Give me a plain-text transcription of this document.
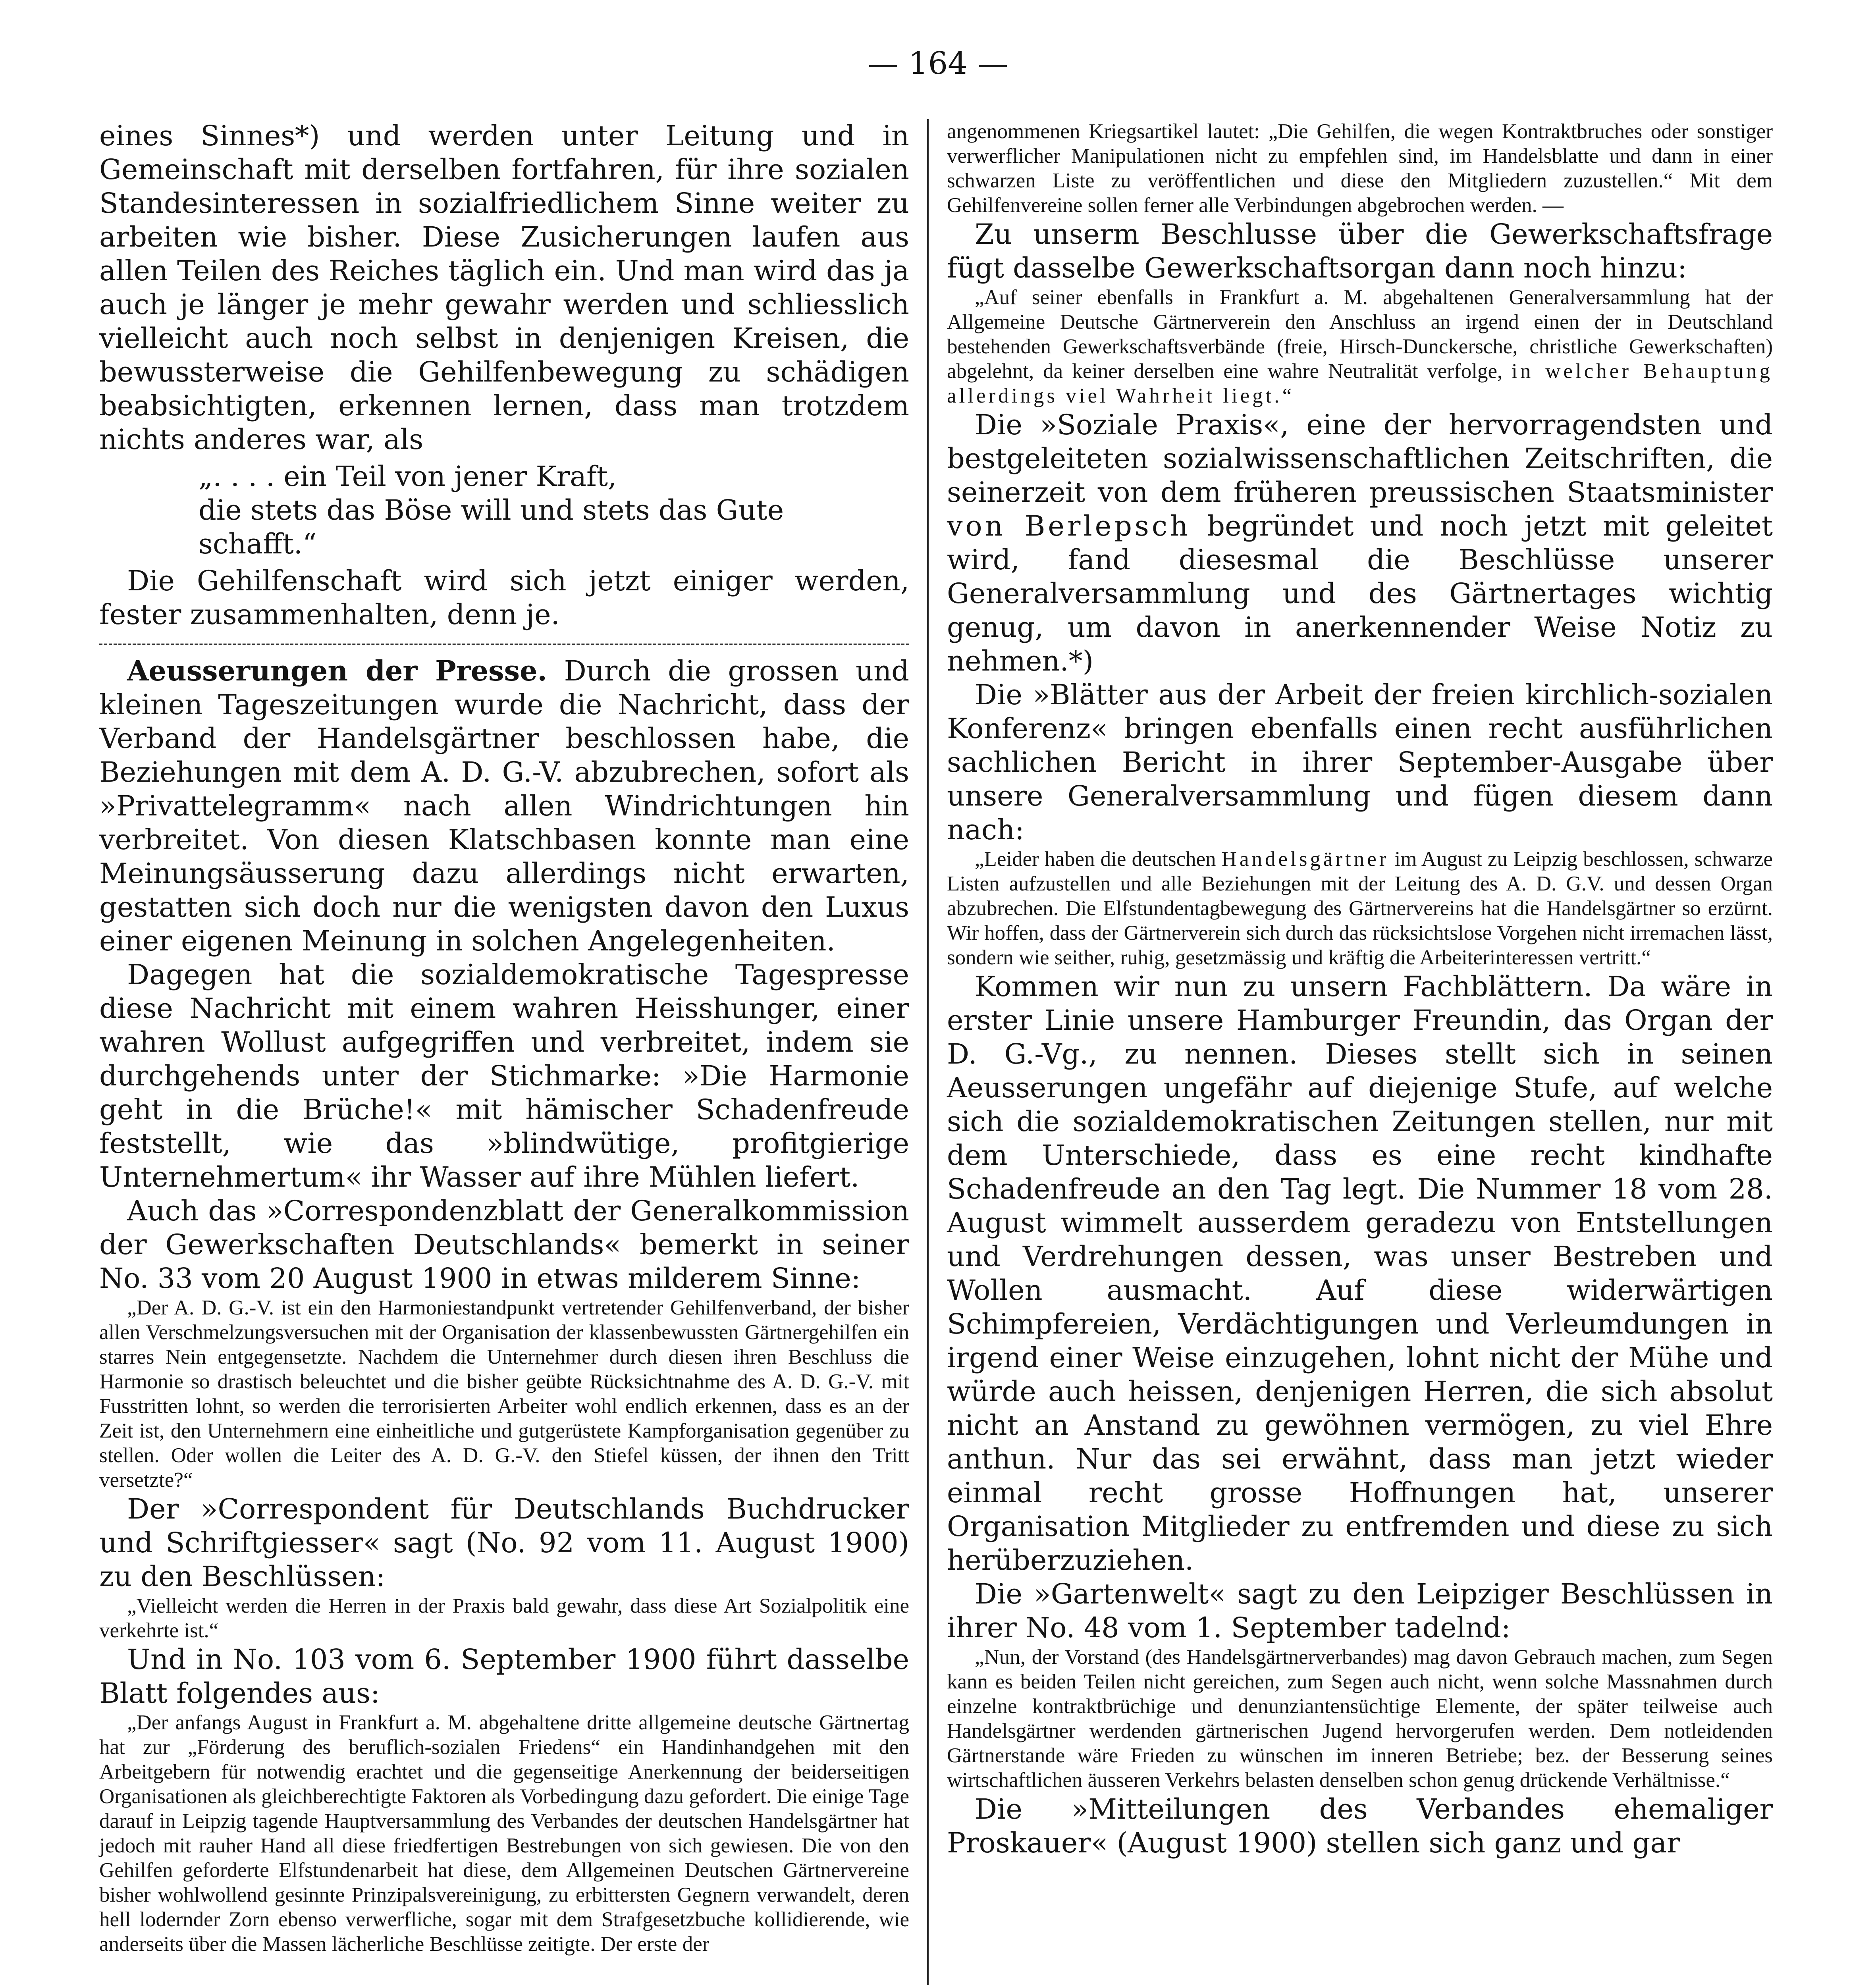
— 164 —

eines Sinnes*) und werden unter Leitung und in Gemeinschaft mit derselben fortfahren, für ihre sozialen Standesinteressen in sozialfriedlichem Sinne weiter zu arbeiten wie bisher. Diese Zusicherungen laufen aus allen Teilen des Reiches täglich ein. Und man wird das ja auch je länger je mehr gewahr werden und schliesslich vielleicht auch noch selbst in denjenigen Kreisen, die bewussterweise die Gehilfenbewegung zu schädigen beabsichtigten, erkennen lernen, dass man trotzdem nichts anderes war, als

„. . . . ein Teil von jener Kraft,
die stets das Böse will und stets das Gute schafft.“

Die Gehilfenschaft wird sich jetzt einiger werden, fester zusammenhalten, denn je.

Aeusserungen der Presse. Durch die grossen und kleinen Tageszeitungen wurde die Nachricht, dass der Verband der Handelsgärtner beschlossen habe, die Beziehungen mit dem A. D. G.-V. abzubrechen, sofort als »Privattelegramm« nach allen Windrichtungen hin verbreitet. Von diesen Klatschbasen konnte man eine Meinungsäusserung dazu allerdings nicht erwarten, gestatten sich doch nur die wenigsten davon den Luxus einer eigenen Meinung in solchen Angelegenheiten.

Dagegen hat die sozialdemokratische Tagespresse diese Nachricht mit einem wahren Heisshunger, einer wahren Wollust aufgegriffen und verbreitet, indem sie durchgehends unter der Stichmarke: »Die Harmonie geht in die Brüche!« mit hämischer Schadenfreude feststellt, wie das »blindwütige, profitgierige Unternehmertum« ihr Wasser auf ihre Mühlen liefert.

Auch das »Correspondenzblatt der Generalkommission der Gewerkschaften Deutschlands« bemerkt in seiner No. 33 vom 20 August 1900 in etwas milderem Sinne:

„Der A. D. G.-V. ist ein den Harmoniestandpunkt vertretender Gehilfenverband, der bisher allen Verschmelzungsversuchen mit der Organisation der klassenbewussten Gärtnergehilfen ein starres Nein entgegensetzte. Nachdem die Unternehmer durch diesen ihren Beschluss die Harmonie so drastisch beleuchtet und die bisher geübte Rücksichtnahme des A. D. G.-V. mit Fusstritten lohnt, so werden die terrorisierten Arbeiter wohl endlich erkennen, dass es an der Zeit ist, den Unternehmern eine einheitliche und gutgerüstete Kampforganisation gegenüber zu stellen. Oder wollen die Leiter des A. D. G.-V. den Stiefel küssen, der ihnen den Tritt versetzte?“

Der »Correspondent für Deutschlands Buchdrucker und Schriftgiesser« sagt (No. 92 vom 11. August 1900) zu den Beschlüssen:

„Vielleicht werden die Herren in der Praxis bald gewahr, dass diese Art Sozialpolitik eine verkehrte ist.“

Und in No. 103 vom 6. September 1900 führt dasselbe Blatt folgendes aus:

„Der anfangs August in Frankfurt a. M. abgehaltene dritte allgemeine deutsche Gärtnertag hat zur „Förderung des beruflich-sozialen Friedens“ ein Handinhandgehen mit den Arbeitgebern für notwendig erachtet und die gegenseitige Anerkennung der beiderseitigen Organisationen als gleichberechtigte Faktoren als Vorbedingung dazu gefordert. Die einige Tage darauf in Leipzig tagende Hauptversammlung des Verbandes der deutschen Handelsgärtner hat jedoch mit rauher Hand all diese friedfertigen Bestrebungen von sich gewiesen. Die von den Gehilfen geforderte Elfstundenarbeit hat diese, dem Allgemeinen Deutschen Gärtnervereine bisher wohlwollend gesinnte Prinzipalsvereinigung, zu erbittersten Gegnern verwandelt, deren hell lodernder Zorn ebenso verwerfliche, sogar mit dem Strafgesetzbuche kollidierende, wie anderseits über die Massen lächerliche Beschlüsse zeitigte. Der erste der

angenommenen Kriegsartikel lautet: „Die Gehilfen, die wegen Kontraktbruches oder sonstiger verwerflicher Manipulationen nicht zu empfehlen sind, im Handelsblatte und dann in einer schwarzen Liste zu veröffentlichen und diese den Mitgliedern zuzustellen.“ Mit dem Gehilfenvereine sollen ferner alle Verbindungen abgebrochen werden. —

Zu unserm Beschlusse über die Gewerkschaftsfrage fügt dasselbe Gewerkschaftsorgan dann noch hinzu:

„Auf seiner ebenfalls in Frankfurt a. M. abgehaltenen Generalversammlung hat der Allgemeine Deutsche Gärtnerverein den Anschluss an irgend einen der in Deutschland bestehenden Gewerkschaftsverbände (freie, Hirsch-Dunckersche, christliche Gewerkschaften) abgelehnt, da keiner derselben eine wahre Neutralität verfolge, in welcher Behauptung allerdings viel Wahrheit liegt.“

Die »Soziale Praxis«, eine der hervorragendsten und bestgeleiteten sozialwissenschaftlichen Zeitschriften, die seinerzeit von dem früheren preussischen Staatsminister von Berlepsch begründet und noch jetzt mit geleitet wird, fand diesesmal die Beschlüsse unserer Generalversammlung und des Gärtnertages wichtig genug, um davon in anerkennender Weise Notiz zu nehmen.*)

Die »Blätter aus der Arbeit der freien kirchlich-sozialen Konferenz« bringen ebenfalls einen recht ausführlichen sachlichen Bericht in ihrer September-Ausgabe über unsere Generalversammlung und fügen diesem dann nach:

„Leider haben die deutschen Handelsgärtner im August zu Leipzig beschlossen, schwarze Listen aufzustellen und alle Beziehungen mit der Leitung des A. D. G.V. und dessen Organ abzubrechen. Die Elfstundentagbewegung des Gärtnervereins hat die Handelsgärtner so erzürnt. Wir hoffen, dass der Gärtnerverein sich durch das rücksichtslose Vorgehen nicht irremachen lässt, sondern wie seither, ruhig, gesetzmässig und kräftig die Arbeiterinteressen vertritt.“

Kommen wir nun zu unsern Fachblättern. Da wäre in erster Linie unsere Hamburger Freundin, das Organ der D. G.-Vg., zu nennen. Dieses stellt sich in seinen Aeusserungen ungefähr auf diejenige Stufe, auf welche sich die sozialdemokratischen Zeitungen stellen, nur mit dem Unterschiede, dass es eine recht kindhafte Schadenfreude an den Tag legt. Die Nummer 18 vom 28. August wimmelt ausserdem geradezu von Entstellungen und Verdrehungen dessen, was unser Bestreben und Wollen ausmacht. Auf diese widerwärtigen Schimpfereien, Verdächtigungen und Verleumdungen in irgend einer Weise einzugehen, lohnt nicht der Mühe und würde auch heissen, denjenigen Herren, die sich absolut nicht an Anstand zu gewöhnen vermögen, zu viel Ehre anthun. Nur das sei erwähnt, dass man jetzt wieder einmal recht grosse Hoffnungen hat, unserer Organisation Mitglieder zu entfremden und diese zu sich herüberzuziehen.

Die »Gartenwelt« sagt zu den Leipziger Beschlüssen in ihrer No. 48 vom 1. September tadelnd:

„Nun, der Vorstand (des Handelsgärtnerverbandes) mag davon Gebrauch machen, zum Segen kann es beiden Teilen nicht gereichen, zum Segen auch nicht, wenn solche Massnahmen durch einzelne kontraktbrüchige und denunziantensüchtige Elemente, der später teilweise auch Handelsgärtner werdenden gärtnerischen Jugend hervorgerufen werden. Dem notleidenden Gärtnerstande wäre Frieden zu wünschen im inneren Betriebe; bez. der Besserung seines wirtschaftlichen äusseren Verkehrs belasten denselben schon genug drückende Verhältnisse.“

Die »Mitteilungen des Verbandes ehemaliger Proskauer« (August 1900) stellen sich ganz und gar
